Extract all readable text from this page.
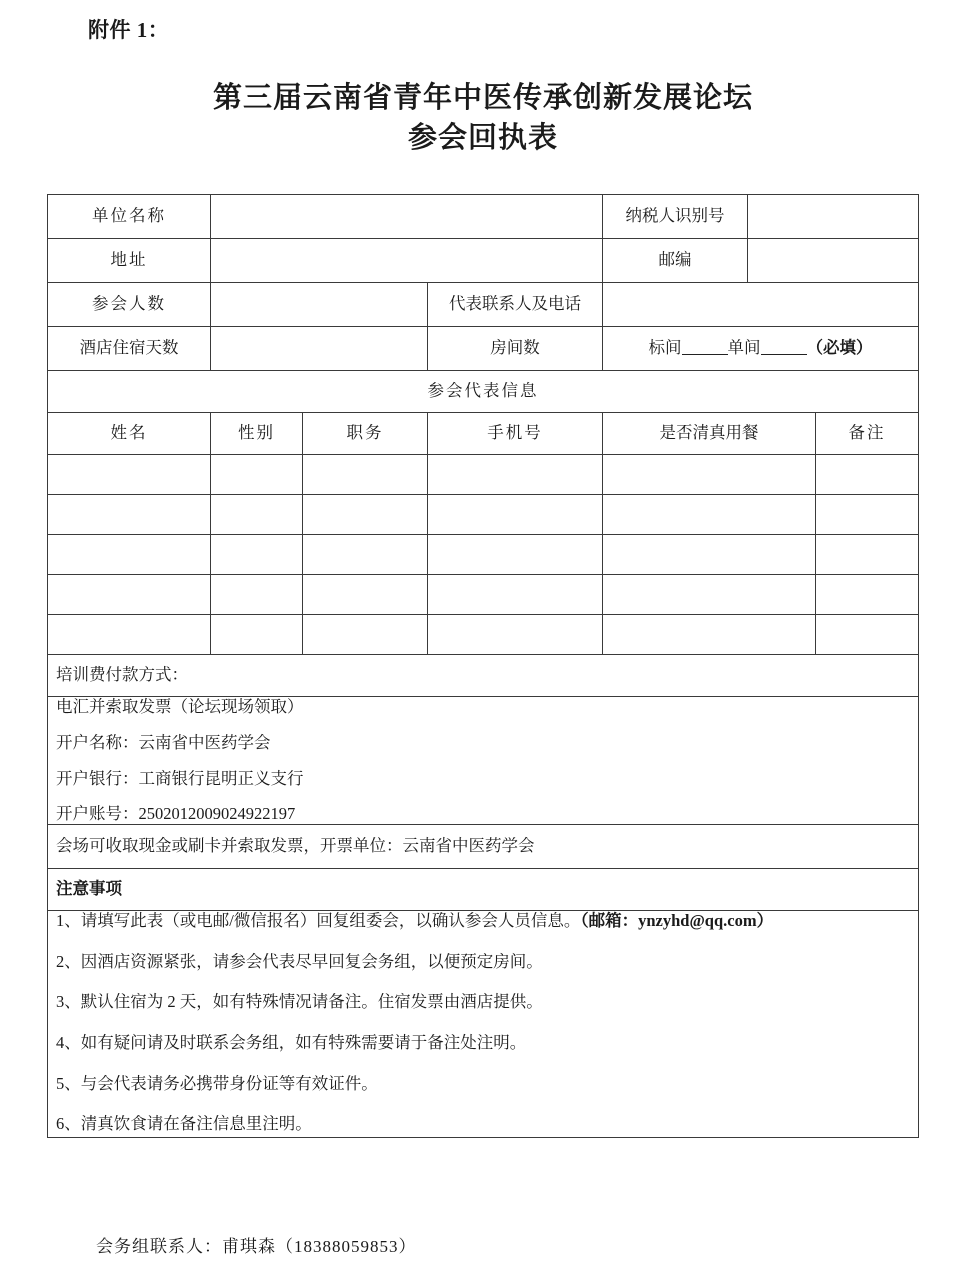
附件 1：
第三届云南省青年中医传承创新发展论坛
参会回执表
单位名称				纳税人识别号		
地址				邮编		
参会人数			代表联系人及电话			
酒店住宿天数			房间数	标间 单间 （必填）		
参会代表信息						
姓名	性别	职务	手机号	是否清真用餐		备注

培训费付款方式：						

电汇并索取发票（论坛现场领取）

开户名称：云南省中医药学会

开户银行：工商银行昆明正义支行

开户账号：2502012009024922197						

会场可收取现金或刷卡并索取发票，开票单位：云南省中医药学会						
注意事项						

1、请填写此表（或电邮/微信报名）回复组委会，以确认参会人员信息。（邮箱：ynzyhd@qq.com）

2、因酒店资源紧张，请参会代表尽早回复会务组，以便预定房间。

3、默认住宿为 2 天，如有特殊情况请备注。住宿发票由酒店提供。

4、如有疑问请及时联系会务组，如有特殊需要请于备注处注明。

5、与会代表请务必携带身份证等有效证件。

6、清真饮食请在备注信息里注明。

会务组联系人：甫琪森（18388059853）
